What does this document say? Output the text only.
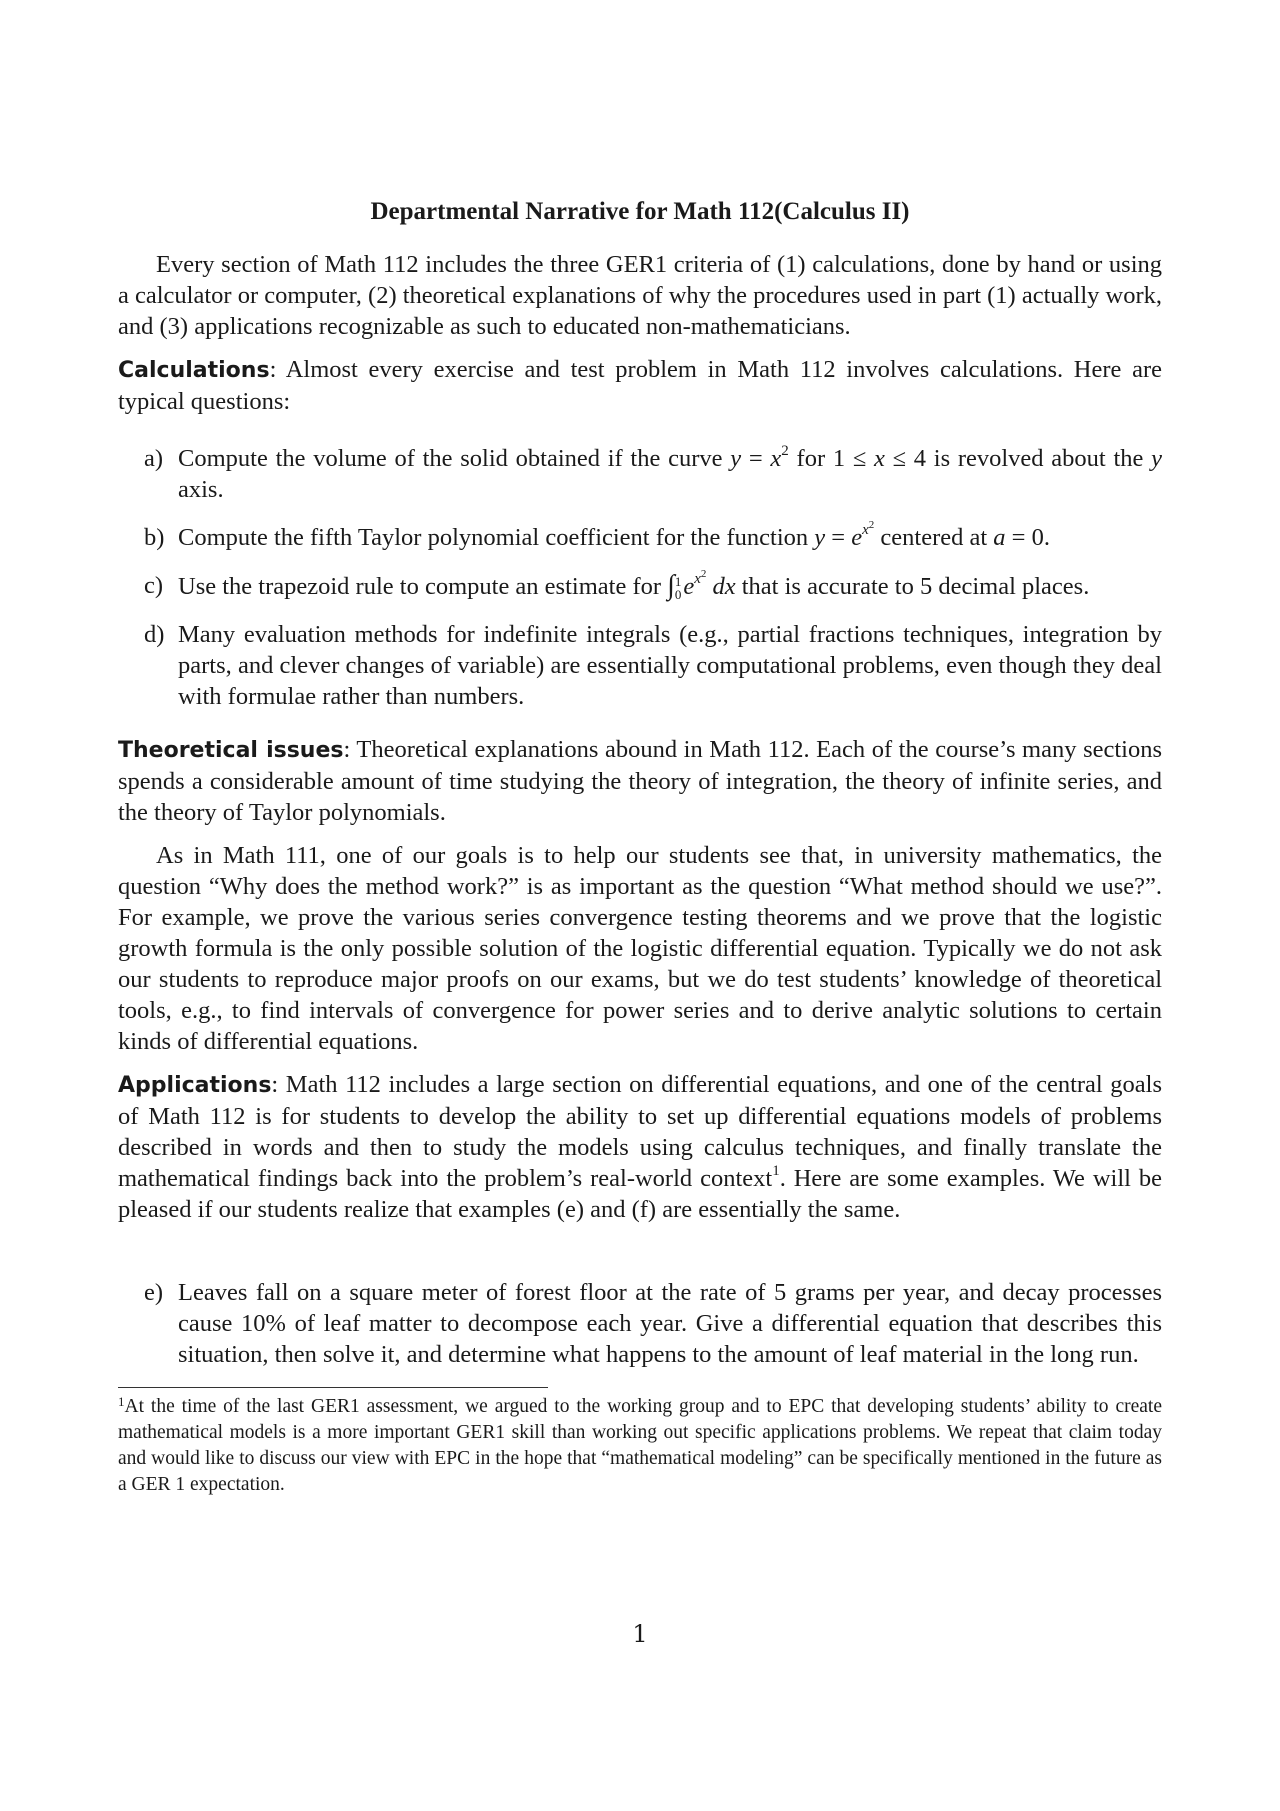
Departmental Narrative for Math 112(Calculus II)

Every section of Math 112 includes the three GER1 criteria of (1) calculations, done by hand or using a calculator or computer, (2) theoretical explanations of why the procedures used in part (1) actually work, and (3) applications recognizable as such to educated non-mathematicians.

Calculations: Almost every exercise and test problem in Math 112 involves calculations. Here are typical questions:

a) Compute the volume of the solid obtained if the curve $y = x^2$ for 1 ≤ x ≤ 4 is revolved about the y axis.
b) Compute the fifth Taylor polynomial coefficient for the function $y = e^{x^2}$ centered at a = 0.
c) Use the trapezoid rule to compute an estimate for ∫1
$0e^{x^2}$ dx that is accurate to 5 decimal places.
d) Many evaluation methods for indefinite integrals (e.g., partial fractions techniques, integration by parts, and clever changes of variable) are essentially computational problems, even though they deal with formulae rather than numbers.

Theoretical issues: Theoretical explanations abound in Math 112. Each of the course’s many sections spends a considerable amount of time studying the theory of integration, the theory of infinite series, and the theory of Taylor polynomials.

As in Math 111, one of our goals is to help our students see that, in university mathematics, the question “Why does the method work?” is as important as the question “What method should we use?”. For example, we prove the various series convergence testing theorems and we prove that the logistic growth formula is the only possible solution of the logistic differential equation. Typically we do not ask our students to reproduce major proofs on our exams, but we do test students’ knowledge of theoretical tools, e.g., to find intervals of convergence for power series and to derive analytic solutions to certain kinds of differential equations.

Applications: Math 112 includes a large section on differential equations, and one of the central goals of Math 112 is for students to develop the ability to set up differential equations models of problems described in words and then to study the models using calculus techniques, and finally translate the mathematical findings back into the problem’s real-world context$^1$. Here are some examples. We will be pleased if our students realize that examples (e) and (f) are essentially the same.

e) Leaves fall on a square meter of forest floor at the rate of 5 grams per year, and decay processes cause 10% of leaf matter to decompose each year. Give a differential equation that describes this situation, then solve it, and determine what happens to the amount of leaf material in the long run.

$^1$At the time of the last GER1 assessment, we argued to the working group and to EPC that developing students’ ability to create mathematical models is a more important GER1 skill than working out specific applications problems. We repeat that claim today and would like to discuss our view with EPC in the hope that “mathematical modeling” can be specifically mentioned in the future as a GER 1 expectation.

1
